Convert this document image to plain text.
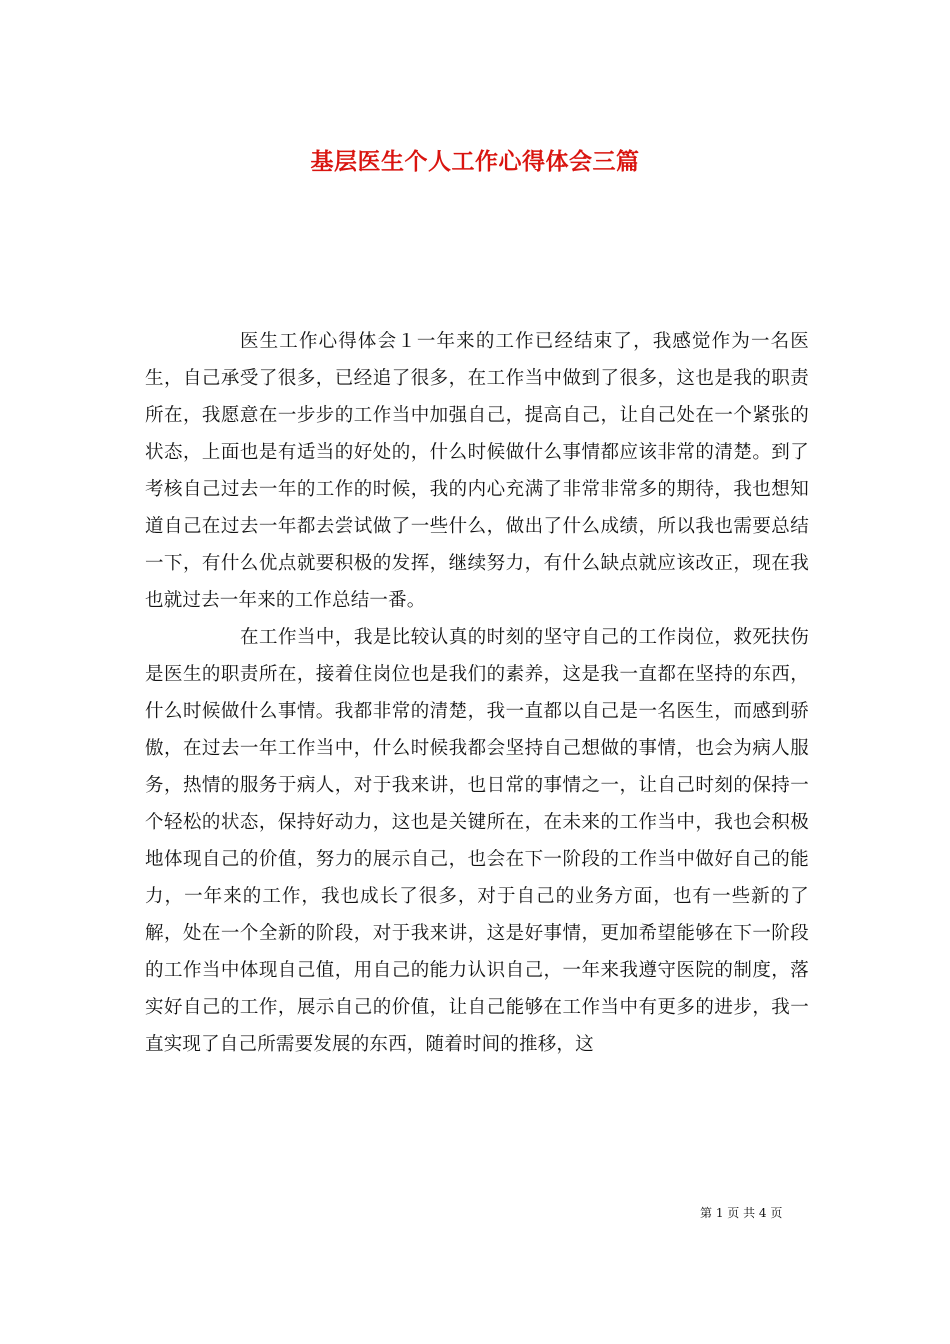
基层医生个人工作心得体会三篇

医生工作心得体会１一年来的工作已经结束了，我感觉作为一名医生，自己承受了很多，已经追了很多，在工作当中做到了很多，这也是我的职责所在，我愿意在一步步的工作当中加强自己，提高自己，让自己处在一个紧张的状态，上面也是有适当的好处的，什么时候做什么事情都应该非常的清楚。到了考核自己过去一年的工作的时候，我的内心充满了非常非常多的期待，我也想知道自己在过去一年都去尝试做了一些什么，做出了什么成绩，所以我也需要总结一下，有什么优点就要积极的发挥，继续努力，有什么缺点就应该改正，现在我也就过去一年来的工作总结一番。

在工作当中，我是比较认真的时刻的坚守自己的工作岗位，救死扶伤是医生的职责所在，接着住岗位也是我们的素养，这是我一直都在坚持的东西，什么时候做什么事情。我都非常的清楚，我一直都以自己是一名医生，而感到骄傲，在过去一年工作当中，什么时候我都会坚持自己想做的事情，也会为病人服务，热情的服务于病人，对于我来讲，也日常的事情之一，让自己时刻的保持一个轻松的状态，保持好动力，这也是关键所在，在未来的工作当中，我也会积极地体现自己的价值，努力的展示自己，也会在下一阶段的工作当中做好自己的能力，一年来的工作，我也成长了很多，对于自己的业务方面，也有一些新的了解，处在一个全新的阶段，对于我来讲，这是好事情，更加希望能够在下一阶段的工作当中体现自己值，用自己的能力认识自己，一年来我遵守医院的制度，落实好自己的工作，展示自己的价值，让自己能够在工作当中有更多的进步，我一直实现了自己所需要发展的东西，随着时间的推移，这

第 1 页 共 4 页
